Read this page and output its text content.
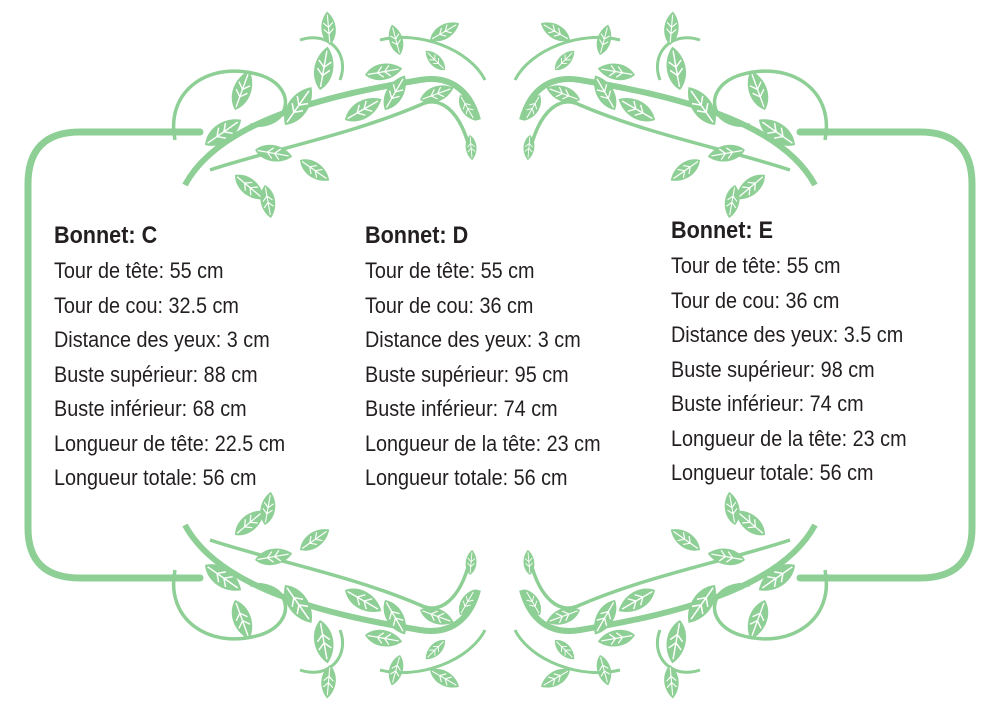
Bonnet: C
Tour de tête: 55 cm
Tour de cou: 32.5 cm
Distance des yeux: 3 cm
Buste supérieur: 88 cm
Buste inférieur: 68 cm
Longueur de tête: 22.5 cm
Longueur totale: 56 cm
Bonnet: D
Tour de tête: 55 cm
Tour de cou: 36 cm
Distance des yeux: 3 cm
Buste supérieur: 95 cm
Buste inférieur: 74 cm
Longueur de la tête: 23 cm
Longueur totale: 56 cm
Bonnet: E
Tour de tête: 55 cm
Tour de cou: 36 cm
Distance des yeux: 3.5 cm
Buste supérieur: 98 cm
Buste inférieur: 74 cm
Longueur de la tête: 23 cm
Longueur totale: 56 cm
